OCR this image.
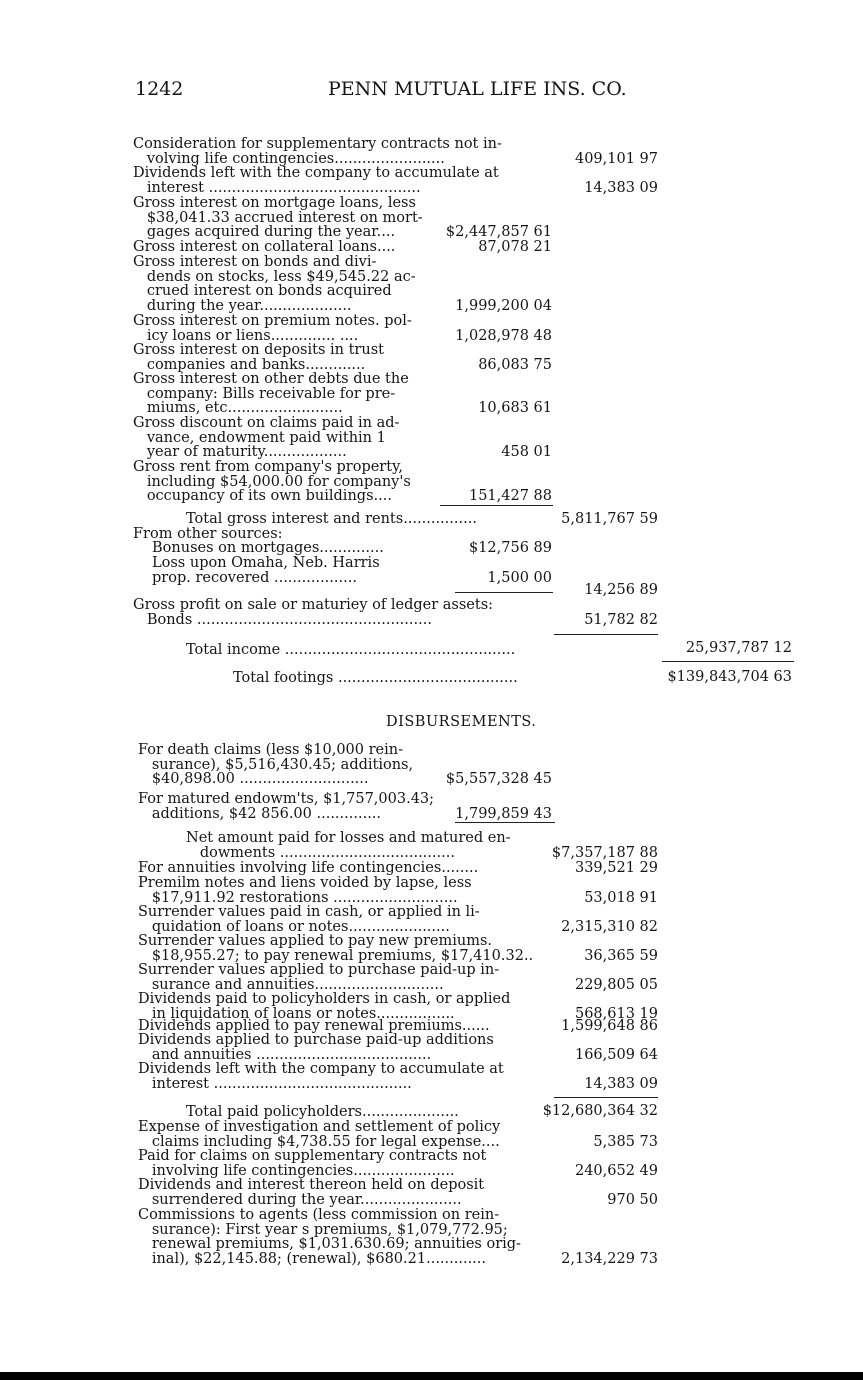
1242	PENN MUTUAL LIFE INS. CO.
Consideration for supplementary contracts not in-
volving life contingencies........................	409,101 97
Dividends left with the company to accumulate at
interest ..............................................	14,383 09
Gross interest on mortgage loans, less
$38,041.33 accrued interest on mort-
gages acquired during the year....	$2,447,857 61
Gross interest on collateral loans....	87,078 21
Gross interest on bonds and divi-
dends on stocks, less $49,545.22 ac-
crued interest on bonds acquired
during the year....................	1,999,200 04
Gross interest on premium notes. pol-
icy loans or liens.............. ....	1,028,978 48
Gross interest on deposits in trust
companies and banks.............	86,083 75
Gross interest on other debts due the
company: Bills receivable for pre-
miums, etc.........................	10,683 61
Gross discount on claims paid in ad-
vance, endowment paid within 1
year of maturity..................	458 01
Gross rent from company's property,
including $54,000.00 for company's
occupancy of its own buildings....	151,427 88
Total gross interest and rents................	5,811,767 59
From other sources:
Bonuses on mortgages..............	$12,756 89
Loss upon Omaha, Neb. Harris
prop. recovered ..................	1,500 00
14,256 89
Gross profit on sale or maturiey of ledger assets:
Bonds ...................................................	51,782 82
Total income ..................................................	25,937,787 12
Total footings .......................................	$139,843,704 63
DISBURSEMENTS.
For death claims (less $10,000 rein-
surance), $5,516,430.45; additions,
$40,898.00 ............................	$5,557,328 45
For matured endowm'ts, $1,757,003.43;
additions, $42 856.00 ..............	1,799,859 43
Net amount paid for losses and matured en-
dowments ......................................	$7,357,187 88
For annuities involving life contingencies........	339,521 29
Premilm notes and liens voided by lapse, less
$17,911.92 restorations ...........................	53,018 91
Surrender values paid in cash, or applied in li-
quidation of loans or notes......................	2,315,310 82
Surrender values applied to pay new premiums.
$18,955.27; to pay renewal premiums, $17,410.32..	36,365 59
Surrender values applied to purchase paid-up in-
surance and annuities............................	229,805 05
Dividends paid to policyholders in cash, or applied
in liquidation of loans or notes.................	568,613 19
Dividends applied to pay renewal premiums......	1,599,648 86
Dividends applied to purchase paid-up additions
and annuities ......................................	166,509 64
Dividends left with the company to accumulate at
interest ...........................................	14,383 09
Total paid policyholders.....................	$12,680,364 32
Expense of investigation and settlement of policy
claims including $4,738.55 for legal expense....	5,385 73
Paid for claims on supplementary contracts not
involving life contingencies......................	240,652 49
Dividends and interest thereon held on deposit
surrendered during the year......................	970 50
Commissions to agents (less commission on rein-
surance): First year s premiums, $1,079,772.95;
renewal premiums, $1,031.630.69; annuities orig-
inal), $22,145.88; (renewal), $680.21.............	2,134,229 73
